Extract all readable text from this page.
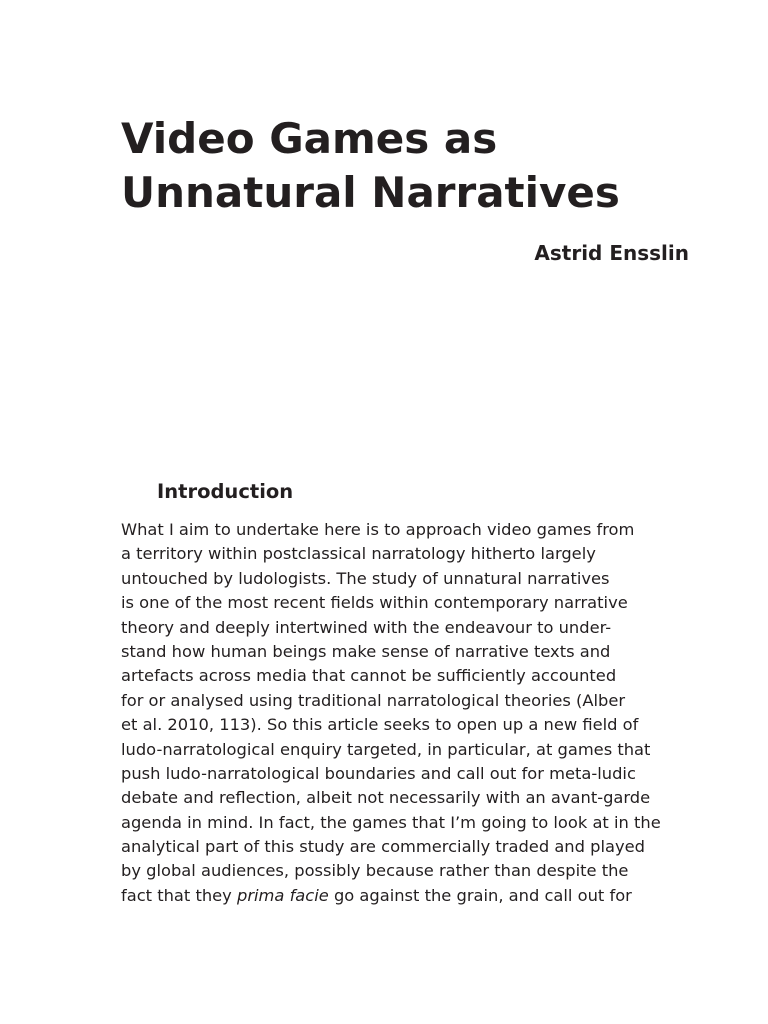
Video Games as
Unnatural Narratives
Astrid Ensslin
Introduction
What I aim to undertake here is to approach video games from
a territory within postclassical narratology hitherto largely
untouched by ludologists. The study of unnatural narratives
is one of the most recent fields within contemporary narrative
theory and deeply intertwined with the endeavour to under-
stand how human beings make sense of narrative texts and
artefacts across media that cannot be sufficiently accounted
for or analysed using traditional narratological theories (Alber
et al. 2010, 113). So this article seeks to open up a new field of
ludo-narratological enquiry targeted, in particular, at games that
push ludo-narratological boundaries and call out for meta-ludic
debate and reflection, albeit not necessarily with an avant-garde
agenda in mind. In fact, the games that I’m going to look at in the
analytical part of this study are commercially traded and played
by global audiences, possibly because rather than despite the
fact that they prima facie go against the grain, and call out for
